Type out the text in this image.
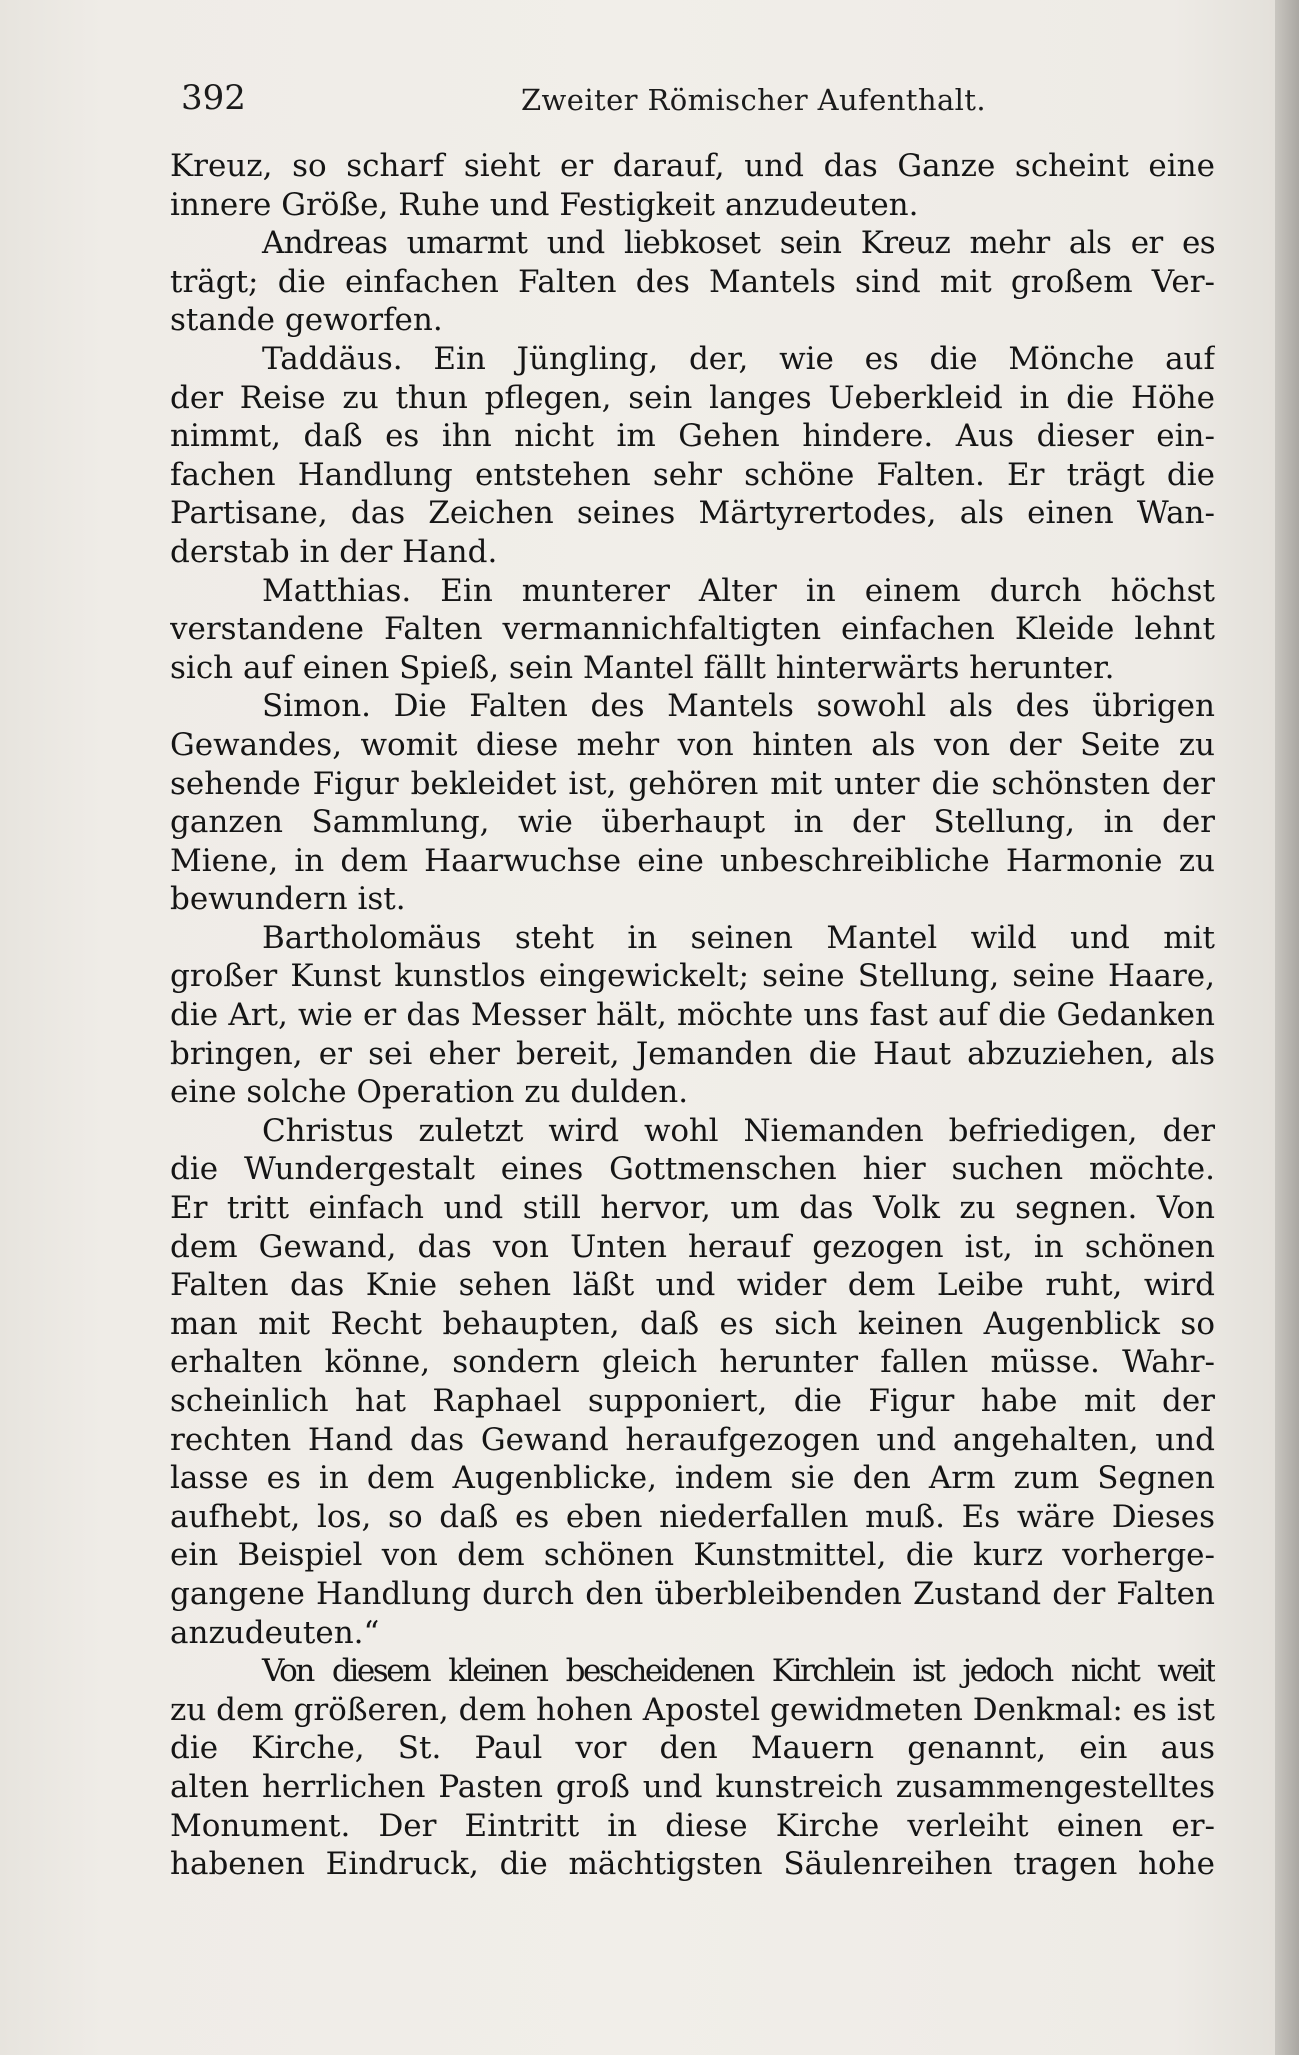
392	Zweiter Römischer Aufenthalt.
Kreuz, so scharf sieht er darauf, und das Ganze scheint eine
innere Größe, Ruhe und Festigkeit anzudeuten.
Andreas umarmt und liebkoset sein Kreuz mehr als er es
trägt; die einfachen Falten des Mantels sind mit großem Ver-
stande geworfen.
Taddäus. Ein Jüngling, der, wie es die Mönche auf
der Reise zu thun pflegen, sein langes Ueberkleid in die Höhe
nimmt, daß es ihn nicht im Gehen hindere. Aus dieser ein-
fachen Handlung entstehen sehr schöne Falten. Er trägt die
Partisane, das Zeichen seines Märtyrertodes, als einen Wan-
derstab in der Hand.
Matthias. Ein munterer Alter in einem durch höchst
verstandene Falten vermannichfaltigten einfachen Kleide lehnt
sich auf einen Spieß, sein Mantel fällt hinterwärts herunter.
Simon. Die Falten des Mantels sowohl als des übrigen
Gewandes, womit diese mehr von hinten als von der Seite zu
sehende Figur bekleidet ist, gehören mit unter die schönsten der
ganzen Sammlung, wie überhaupt in der Stellung, in der
Miene, in dem Haarwuchse eine unbeschreibliche Harmonie zu
bewundern ist.
Bartholomäus steht in seinen Mantel wild und mit
großer Kunst kunstlos eingewickelt; seine Stellung, seine Haare,
die Art, wie er das Messer hält, möchte uns fast auf die Gedanken
bringen, er sei eher bereit, Jemanden die Haut abzuziehen, als
eine solche Operation zu dulden.
Christus zuletzt wird wohl Niemanden befriedigen, der
die Wundergestalt eines Gottmenschen hier suchen möchte.
Er tritt einfach und still hervor, um das Volk zu segnen. Von
dem Gewand, das von Unten herauf gezogen ist, in schönen
Falten das Knie sehen läßt und wider dem Leibe ruht, wird
man mit Recht behaupten, daß es sich keinen Augenblick so
erhalten könne, sondern gleich herunter fallen müsse. Wahr-
scheinlich hat Raphael supponiert, die Figur habe mit der
rechten Hand das Gewand heraufgezogen und angehalten, und
lasse es in dem Augenblicke, indem sie den Arm zum Segnen
aufhebt, los, so daß es eben niederfallen muß. Es wäre Dieses
ein Beispiel von dem schönen Kunstmittel, die kurz vorherge-
gangene Handlung durch den überbleibenden Zustand der Falten
anzudeuten.“
Von diesem kleinen bescheidenen Kirchlein ist jedoch nicht weit
zu dem größeren, dem hohen Apostel gewidmeten Denkmal: es ist
die Kirche, St. Paul vor den Mauern genannt, ein aus
alten herrlichen Pasten groß und kunstreich zusammengestelltes
Monument. Der Eintritt in diese Kirche verleiht einen er-
habenen Eindruck, die mächtigsten Säulenreihen tragen hohe
